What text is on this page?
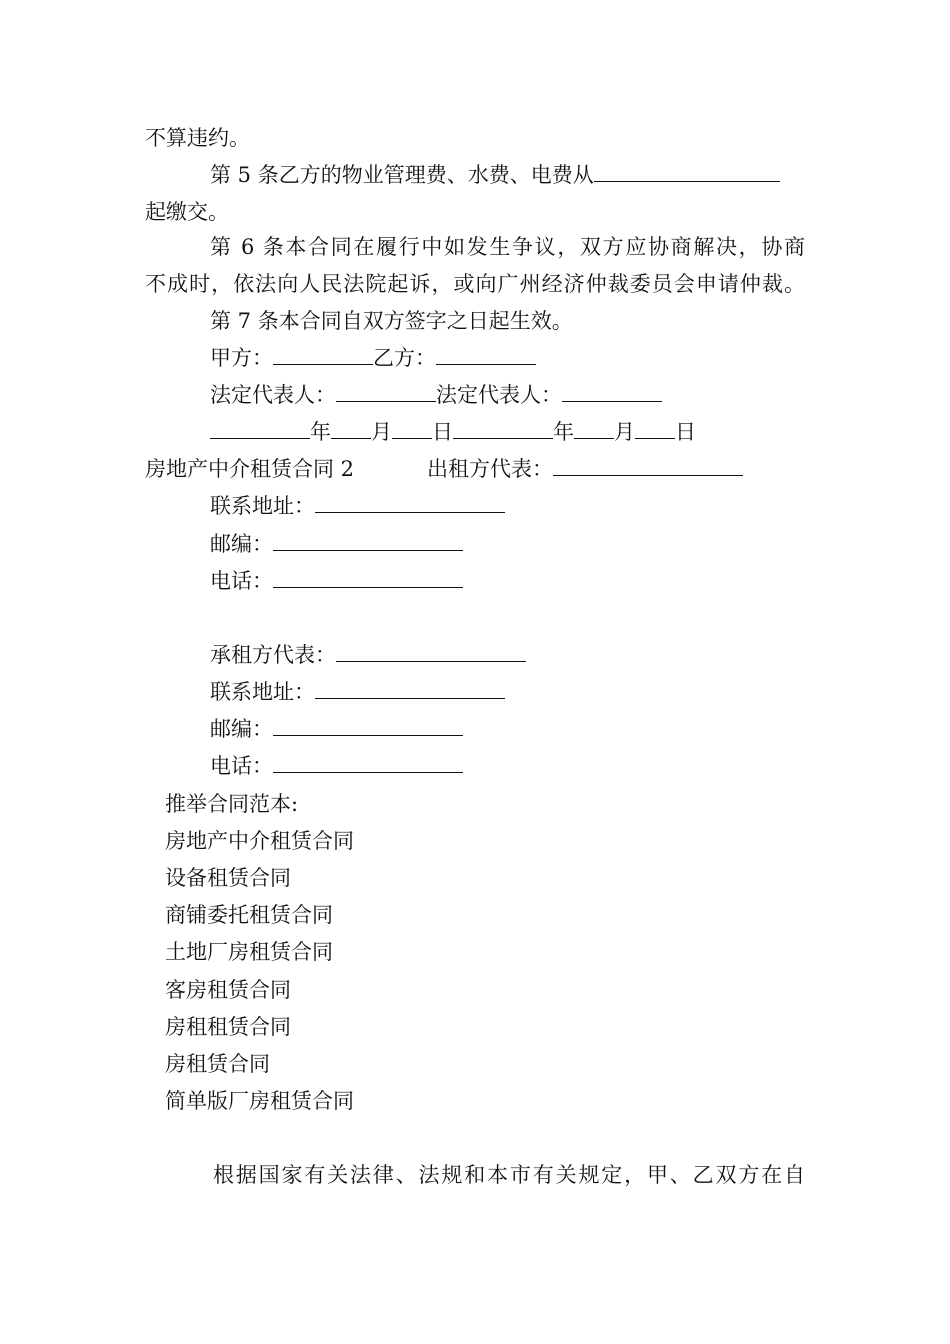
不算违约。
第 5 条乙方的物业管理费、水费、电费从
起缴交。
第 6 条本合同在履行中如发生争议，双方应协商解决，协商
不成时，依法向人民法院起诉，或向广州经济仲裁委员会申请仲裁。
第 7 条本合同自双方签字之日起生效。
甲方：	乙方：
法定代表人：	法定代表人：
年 月 日	年 月 日
房地产中介租赁合同 2	出租方代表：
联系地址：
邮编：
电话：
承租方代表：
联系地址：
邮编：
电话：
推举合同范本:
房地产中介租赁合同
设备租赁合同
商铺委托租赁合同
土地厂房租赁合同
客房租赁合同
房租租赁合同
房租赁合同
简单版厂房租赁合同
根据国家有关法律、法规和本市有关规定，甲、乙双方在自
